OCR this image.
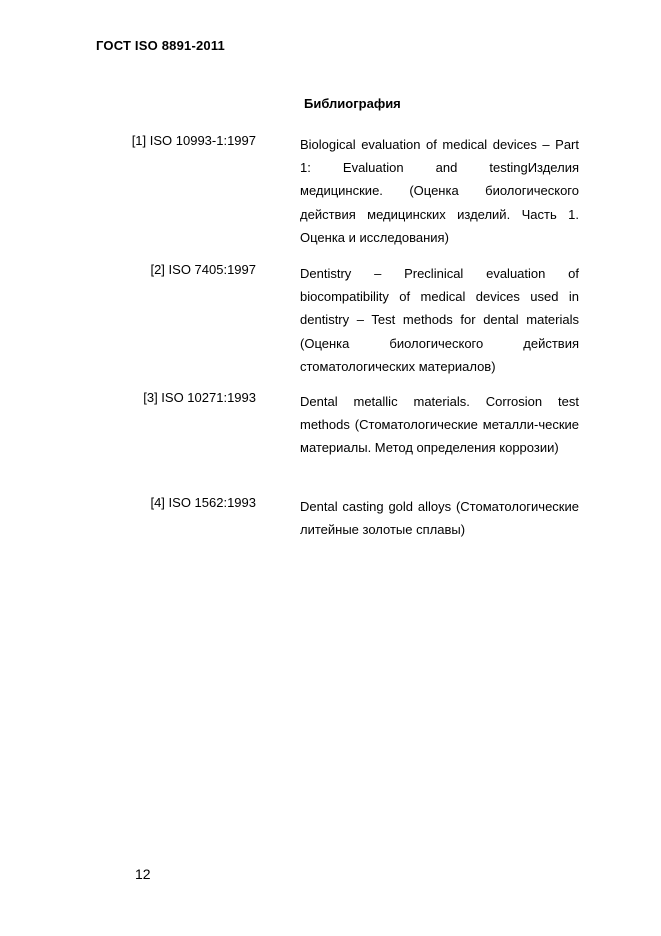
ГОСТ ISO 8891-2011
Библиография
[1] ISO 10993-1:1997	Biological evaluation of medical devices – Part 1: Evaluation and testingИзделия медицинские. (Оценка биологического действия медицинских изделий. Часть 1. Оценка и исследования)
[2] ISO 7405:1997	Dentistry – Preclinical evaluation of biocompatibility of medical devices used in dentistry – Test methods for dental materials (Оценка биологического действия стоматологических материалов)
[3] ISO 10271:1993	Dental metallic materials. Corrosion test methods (Стоматологические металли-ческие материалы. Метод определения коррозии)
[4] ISO 1562:1993	Dental casting gold alloys (Стоматологические литейные золотые сплавы)
12
